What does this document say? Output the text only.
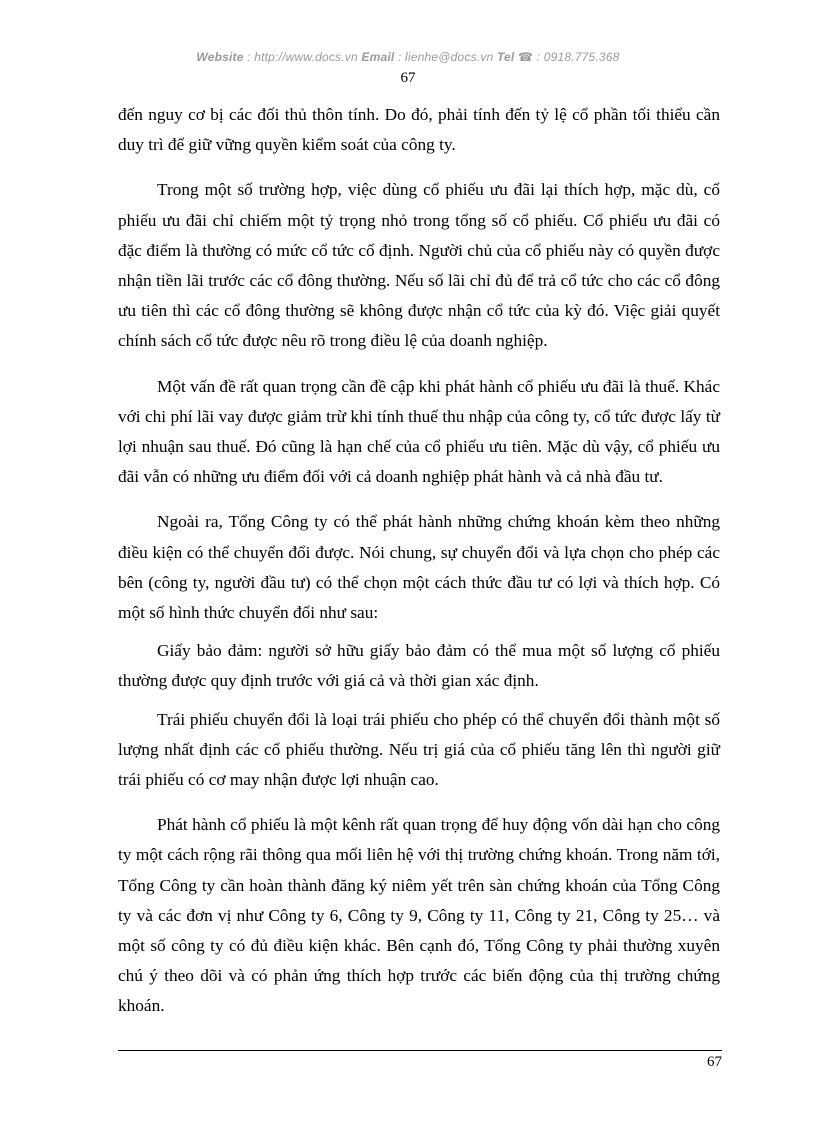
Website : http://www.docs.vn Email : lienhe@docs.vn Tel ☎ : 0918.775.368
67

đến nguy cơ bị các đối thủ thôn tính. Do đó, phải tính đến tỷ lệ cổ phần tối thiểu cần duy trì để giữ vững quyền kiểm soát của công ty.

Trong một số trường hợp, việc dùng cổ phiếu ưu đãi lại thích hợp, mặc dù, cổ phiếu ưu đãi chỉ chiếm một tỷ trọng nhỏ trong tổng số cổ phiếu. Cổ phiếu ưu đãi có đặc điểm là thường có mức cổ tức cố định. Người chủ của cổ phiếu này có quyền được nhận tiền lãi trước các cổ đông thường. Nếu số lãi chỉ đủ để trả cổ tức cho các cổ đông ưu tiên thì các cổ đông thường sẽ không được nhận cổ tức của kỳ đó. Việc giải quyết chính sách cổ tức được nêu rõ trong điều lệ của doanh nghiệp.

Một vấn đề rất quan trọng cần đề cập khi phát hành cổ phiếu ưu đãi là thuế. Khác với chi phí lãi vay được giảm trừ khi tính thuế thu nhập của công ty, cổ tức được lấy từ lợi nhuận sau thuế. Đó cũng là hạn chế của cổ phiếu ưu tiên. Mặc dù vậy, cổ phiếu ưu đãi vẫn có những ưu điểm đối với cả doanh nghiệp phát hành và cả nhà đầu tư.

Ngoài ra, Tổng Công ty có thể phát hành những chứng khoán kèm theo những điều kiện có thể chuyển đổi được. Nói chung, sự chuyển đổi và lựa chọn cho phép các bên (công ty, người đầu tư) có thể chọn một cách thức đầu tư có lợi và thích hợp. Có một số hình thức chuyển đổi như sau:

Giấy bảo đảm: người sở hữu giấy bảo đảm có thể mua một số lượng cổ phiếu thường được quy định trước với giá cả và thời gian xác định.

Trái phiếu chuyển đổi là loại trái phiếu cho phép có thể chuyển đổi thành một số lượng nhất định các cổ phiếu thường. Nếu trị giá của cổ phiếu tăng lên thì người giữ trái phiếu có cơ may nhận được lợi nhuận cao.

Phát hành cổ phiếu là một kênh rất quan trọng để huy động vốn dài hạn cho công ty một cách rộng rãi thông qua mối liên hệ với thị trường chứng khoán. Trong năm tới, Tổng Công ty cần hoàn thành đăng ký niêm yết trên sàn chứng khoán của Tổng Công ty và các đơn vị như Công ty 6, Công ty 9, Công ty 11, Công ty 21, Công ty 25… và một số công ty có đủ điều kiện khác. Bên cạnh đó, Tổng Công ty phải thường xuyên chú ý theo dõi và có phản ứng thích hợp trước các biến động của thị trường chứng khoán.

67
